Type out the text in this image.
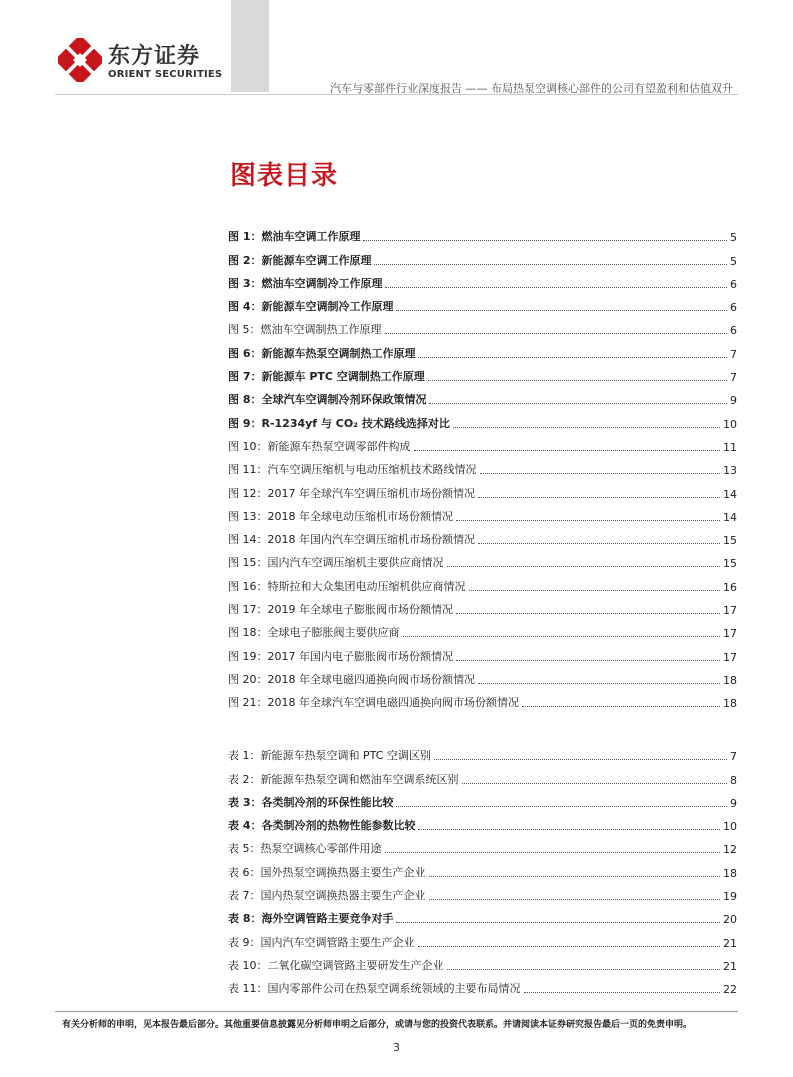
东方证券
ORIENT SECURITIES
汽车与零部件行业深度报告 —— 布局热泵空调核心部件的公司有望盈利和估值双升
图表目录
图 1 ： 燃油车空调工作原理	5
图 2 ： 新能源车空调工作原理	5
图 3 ： 燃油车空调制冷工作原理	6
图 4 ： 新能源车空调制冷工作原理	6
图 5 ： 燃油车空调制热工作原理	6
图 6 ： 新能源车热泵空调制热工作原理	7
图 7 ： 新能源车 PTC 空调制热工作原理	7
图 8 ： 全球汽车空调制冷剂环保政策情况	9
图 9 ： R-1234yf 与 CO₂ 技术路线选择对比	10
图 10 ： 新能源车热泵空调零部件构成	11
图 11 ： 汽车空调压缩机与电动压缩机技术路线情况	13
图 12 ： 2017 年全球汽车空调压缩机市场份额情况	14
图 13 ： 2018 年全球电动压缩机市场份额情况	14
图 14 ： 2018 年国内汽车空调压缩机市场份额情况	15
图 15 ： 国内汽车空调压缩机主要供应商情况	15
图 16 ： 特斯拉和大众集团电动压缩机供应商情况	16
图 17 ： 2019 年全球电子膨胀阀市场份额情况	17
图 18 ： 全球电子膨胀阀主要供应商	17
图 19 ： 2017 年国内电子膨胀阀市场份额情况	17
图 20 ： 2018 年全球电磁四通换向阀市场份额情况	18
图 21 ： 2018 年全球汽车空调电磁四通换向阀市场份额情况	18
表 1 ： 新能源车热泵空调和 PTC 空调区别	7
表 2 ： 新能源车热泵空调和燃油车空调系统区别	8
表 3 ： 各类制冷剂的环保性能比较	9
表 4 ： 各类制冷剂的热物性能参数比较	10
表 5 ： 热泵空调核心零部件用途	12
表 6 ： 国外热泵空调换热器主要生产企业	18
表 7 ： 国内热泵空调换热器主要生产企业	19
表 8 ： 海外空调管路主要竞争对手	20
表 9 ： 国内汽车空调管路主要生产企业	21
表 10 ： 二氧化碳空调管路主要研发生产企业	21
表 11 ： 国内零部件公司在热泵空调系统领域的主要布局情况	22
有关分析师的申明，见本报告最后部分。其他重要信息披露见分析师申明之后部分，或请与您的投资代表联系。并请阅读本证券研究报告最后一页的免责申明。
3
